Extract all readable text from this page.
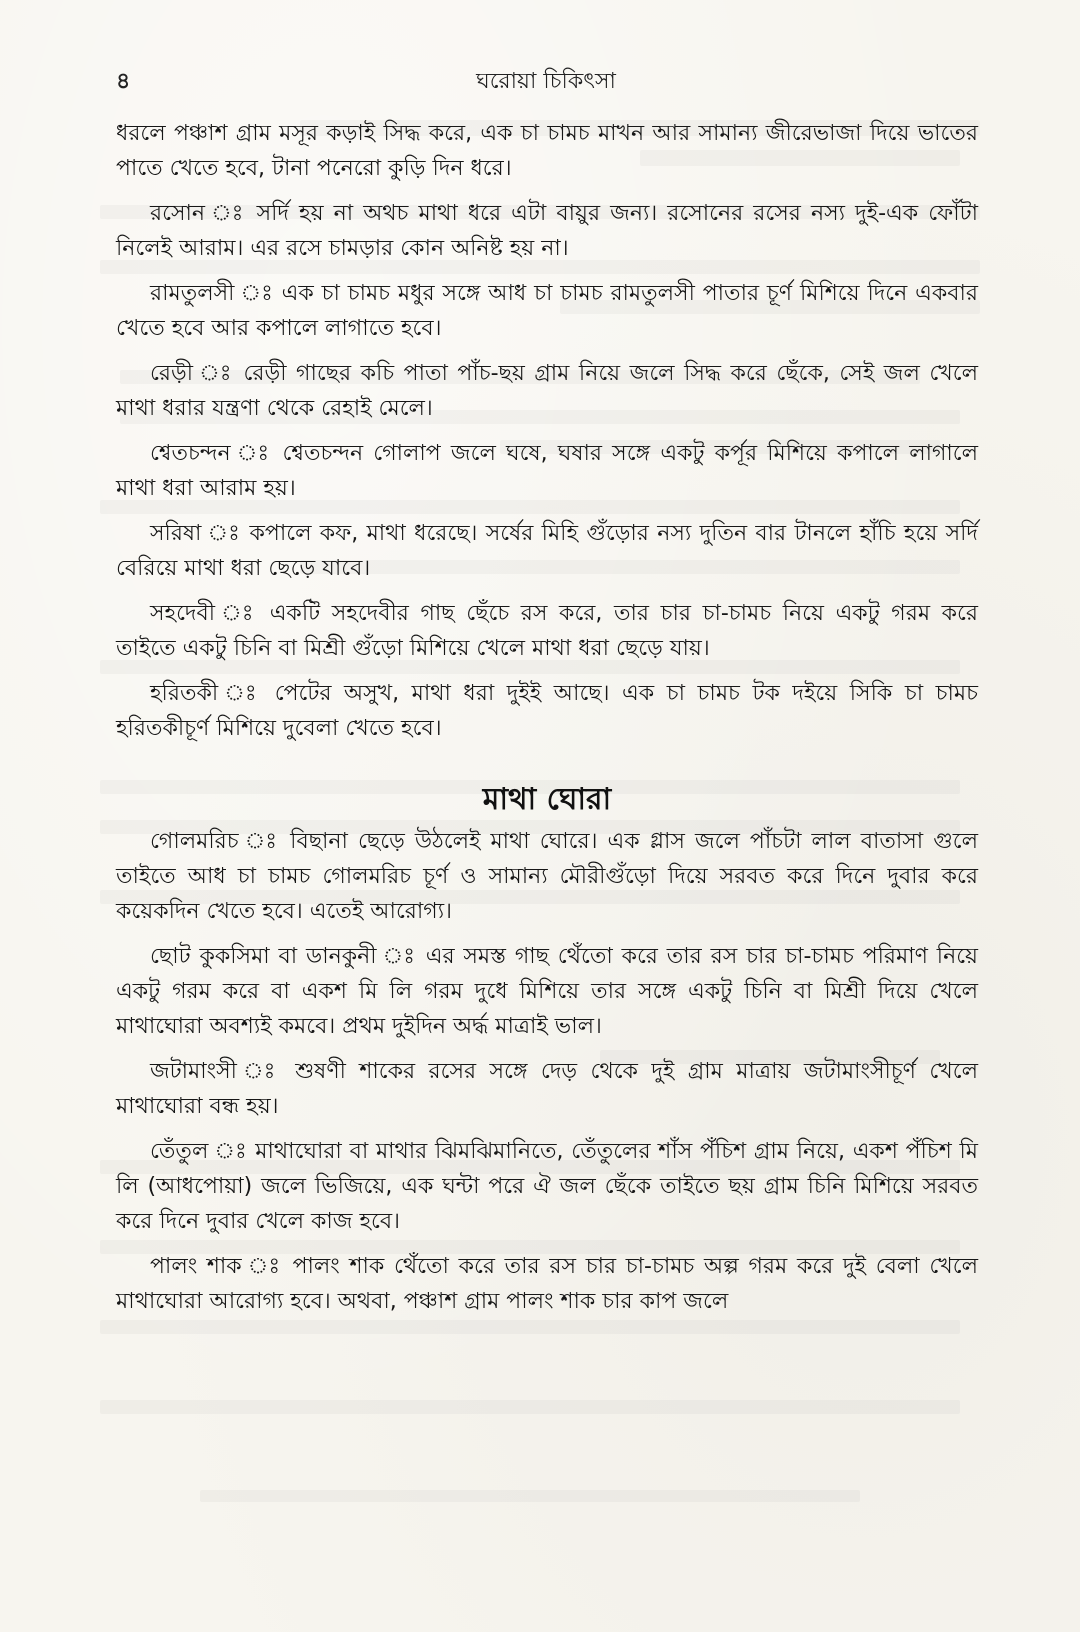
৪	ঘরোয়া চিকিৎসা

ধরলে পঞ্চাশ গ্রাম মসূর কড়াই সিদ্ধ করে, এক চা চামচ মাখন আর সামান্য জীরেভাজা দিয়ে ভাতের পাতে খেতে হবে, টানা পনেরো কুড়ি দিন ধরে।

রসোন ঃ সর্দি হয় না অথচ মাথা ধরে এটা বায়ুর জন্য। রসোনের রসের নস্য দুই-এক ফোঁটা নিলেই আরাম। এর রসে চামড়ার কোন অনিষ্ট হয় না।

রামতুলসী ঃ এক চা চামচ মধুর সঙ্গে আধ চা চামচ রামতুলসী পাতার চূর্ণ মিশিয়ে দিনে একবার খেতে হবে আর কপালে লাগাতে হবে।

রেড়ী ঃ রেড়ী গাছের কচি পাতা পাঁচ-ছয় গ্রাম নিয়ে জলে সিদ্ধ করে ছেঁকে, সেই জল খেলে মাথা ধরার যন্ত্রণা থেকে রেহাই মেলে।

শ্বেতচন্দন ঃ শ্বেতচন্দন গোলাপ জলে ঘষে, ঘষার সঙ্গে একটু কর্পূর মিশিয়ে কপালে লাগালে মাথা ধরা আরাম হয়।

সরিষা ঃ কপালে কফ, মাথা ধরেছে। সর্ষের মিহি গুঁড়োর নস্য দুতিন বার টানলে হাঁচি হয়ে সর্দি বেরিয়ে মাথা ধরা ছেড়ে যাবে।

সহদেবী ঃ একটি সহদেবীর গাছ ছেঁচে রস করে, তার চার চা-চামচ নিয়ে একটু গরম করে তাইতে একটু চিনি বা মিশ্রী গুঁড়ো মিশিয়ে খেলে মাথা ধরা ছেড়ে যায়।

হরিতকী ঃ পেটের অসুখ, মাথা ধরা দুইই আছে। এক চা চামচ টক দইয়ে সিকি চা চামচ হরিতকীচূর্ণ মিশিয়ে দুবেলা খেতে হবে।

মাথা ঘোরা

গোলমরিচ ঃ বিছানা ছেড়ে উঠলেই মাথা ঘোরে। এক গ্লাস জলে পাঁচটা লাল বাতাসা গুলে তাইতে আধ চা চামচ গোলমরিচ চূর্ণ ও সামান্য মৌরীগুঁড়ো দিয়ে সরবত করে দিনে দুবার করে কয়েকদিন খেতে হবে। এতেই আরোগ্য।

ছোট কুকসিমা বা ডানকুনী ঃ এর সমস্ত গাছ থেঁতো করে তার রস চার চা-চামচ পরিমাণ নিয়ে একটু গরম করে বা একশ মি লি গরম দুধে মিশিয়ে তার সঙ্গে একটু চিনি বা মিশ্রী দিয়ে খেলে মাথাঘোরা অবশ্যই কমবে। প্রথম দুইদিন অর্দ্ধ মাত্রাই ভাল।

জটামাংসী ঃ শুষণী শাকের রসের সঙ্গে দেড় থেকে দুই গ্রাম মাত্রায় জটামাংসীচূর্ণ খেলে মাথাঘোরা বন্ধ হয়।

তেঁতুল ঃ মাথাঘোরা বা মাথার ঝিমঝিমানিতে, তেঁতুলের শাঁস পঁচিশ গ্রাম নিয়ে, একশ পঁচিশ মি লি (আধপোয়া) জলে ভিজিয়ে, এক ঘন্টা পরে ঐ জল ছেঁকে তাইতে ছয় গ্রাম চিনি মিশিয়ে সরবত করে দিনে দুবার খেলে কাজ হবে।

পালং শাক ঃ পালং শাক থেঁতো করে তার রস চার চা-চামচ অল্প গরম করে দুই বেলা খেলে মাথাঘোরা আরোগ্য হবে। অথবা, পঞ্চাশ গ্রাম পালং শাক চার কাপ জলে
